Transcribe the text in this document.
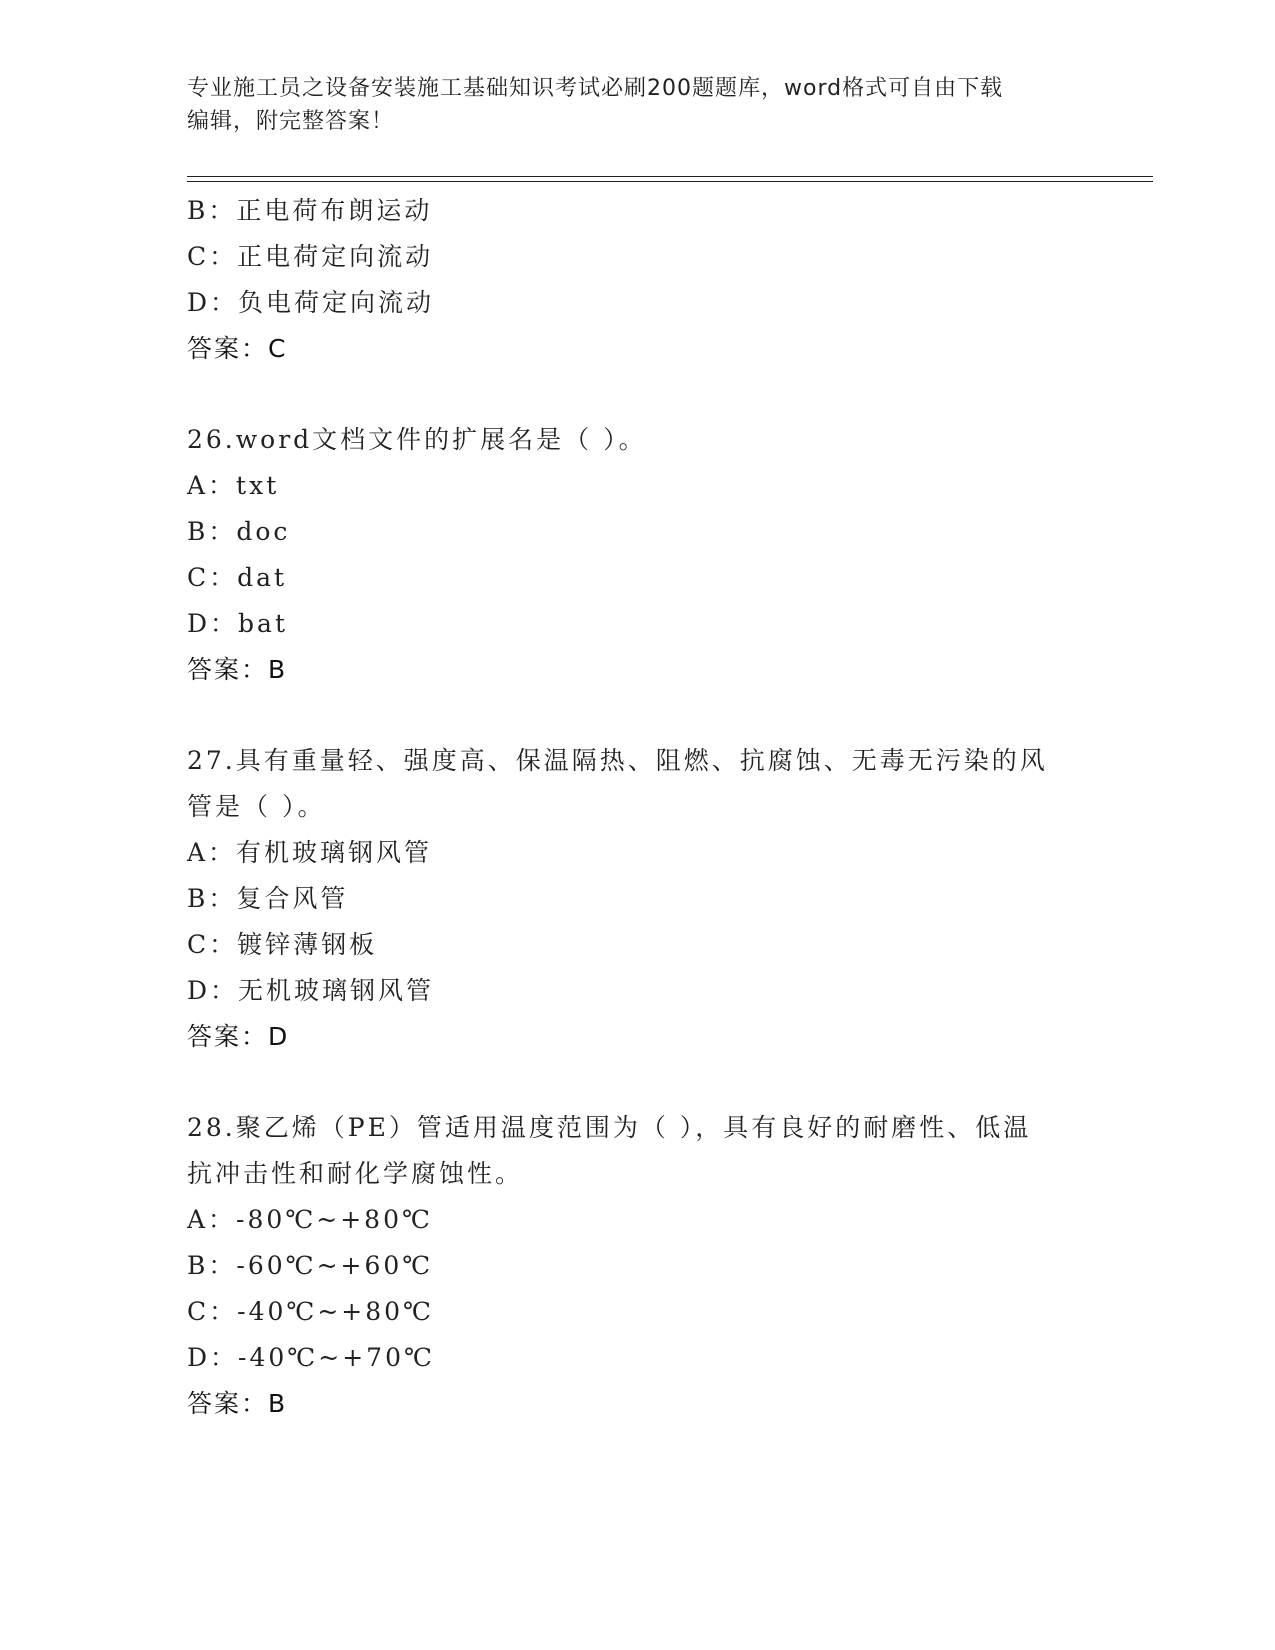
专业施工员之设备安装施工基础知识考试必刷200题题库，word格式可自由下载
编辑，附完整答案！
B：正电荷布朗运动
C：正电荷定向流动
D：负电荷定向流动
答案：C
26.word文档文件的扩展名是（ ）。
A：txt
B：doc
C：dat
D：bat
答案：B
27.具有重量轻、强度高、保温隔热、阻燃、抗腐蚀、无毒无污染的风
管是（ ）。
A：有机玻璃钢风管
B：复合风管
C：镀锌薄钢板
D：无机玻璃钢风管
答案：D
28.聚乙烯（PE）管适用温度范围为（ ），具有良好的耐磨性、低温
抗冲击性和耐化学腐蚀性。
A：-80℃~+80℃
B：-60℃~+60℃
C：-40℃~+80℃
D：-40℃~+70℃
答案：B
